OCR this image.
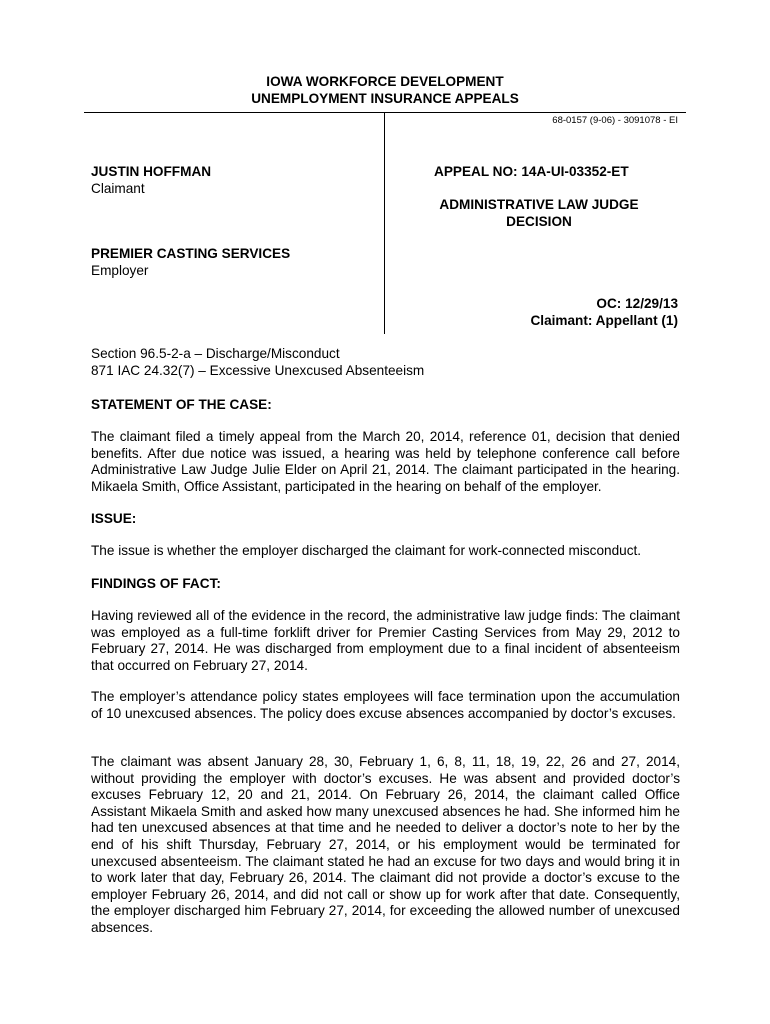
IOWA WORKFORCE DEVELOPMENT
UNEMPLOYMENT INSURANCE APPEALS
68-0157 (9-06) - 3091078 - EI
JUSTIN HOFFMAN
Claimant
PREMIER CASTING SERVICES
Employer
APPEAL NO: 14A-UI-03352-ET
ADMINISTRATIVE LAW JUDGE
DECISION
OC: 12/29/13
Claimant: Appellant (1)
Section 96.5-2-a – Discharge/Misconduct
871 IAC 24.32(7) – Excessive Unexcused Absenteeism
STATEMENT OF THE CASE:

The claimant filed a timely appeal from the March 20, 2014, reference 01, decision that denied benefits. After due notice was issued, a hearing was held by telephone conference call before Administrative Law Judge Julie Elder on April 21, 2014. The claimant participated in the hearing. Mikaela Smith, Office Assistant, participated in the hearing on behalf of the employer.

ISSUE:

The issue is whether the employer discharged the claimant for work-connected misconduct.

FINDINGS OF FACT:

Having reviewed all of the evidence in the record, the administrative law judge finds: The claimant was employed as a full-time forklift driver for Premier Casting Services from May 29, 2012 to February 27, 2014. He was discharged from employment due to a final incident of absenteeism that occurred on February 27, 2014.

The employer’s attendance policy states employees will face termination upon the accumulation of 10 unexcused absences. The policy does excuse absences accompanied by doctor’s excuses.

The claimant was absent January 28, 30, February 1, 6, 8, 11, 18, 19, 22, 26 and 27, 2014, without providing the employer with doctor’s excuses. He was absent and provided doctor’s excuses February 12, 20 and 21, 2014. On February 26, 2014, the claimant called Office Assistant Mikaela Smith and asked how many unexcused absences he had. She informed him he had ten unexcused absences at that time and he needed to deliver a doctor’s note to her by the end of his shift Thursday, February 27, 2014, or his employment would be terminated for unexcused absenteeism. The claimant stated he had an excuse for two days and would bring it in to work later that day, February 26, 2014. The claimant did not provide a doctor’s excuse to the employer February 26, 2014, and did not call or show up for work after that date. Consequently, the employer discharged him February 27, 2014, for exceeding the allowed number of unexcused absences.
